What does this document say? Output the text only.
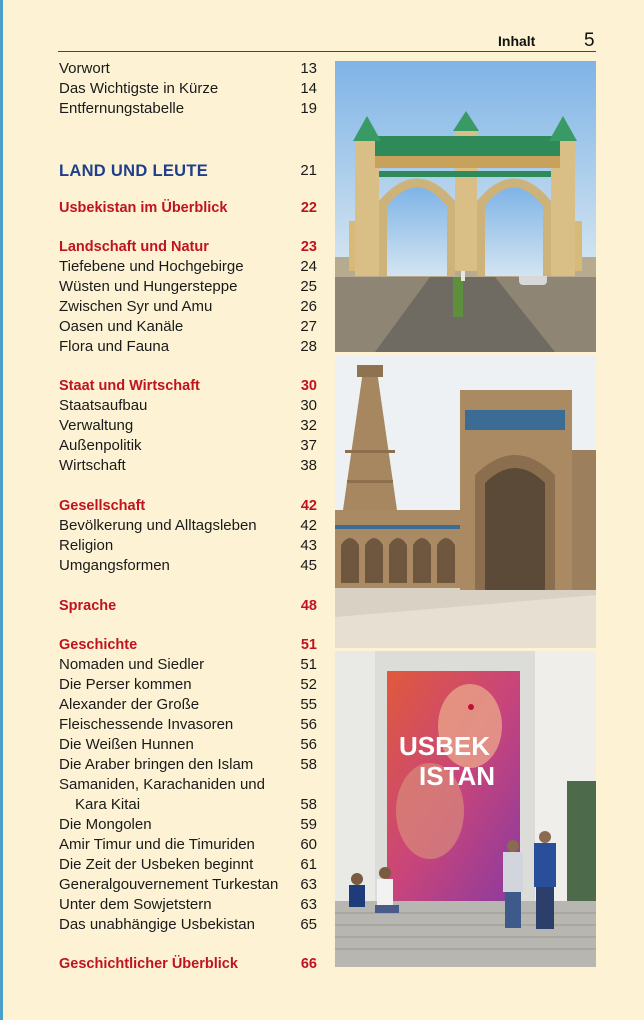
Inhalt	5
Vorwort	13
Das Wichtigste in Kürze	14
Entfernungstabelle	19
LAND UND LEUTE	21
Usbekistan im Überblick	22
Landschaft und Natur	23
Tiefebene und Hochgebirge	24
Wüsten und Hungersteppe	25
Zwischen Syr und Amu	26
Oasen und Kanäle	27
Flora und Fauna	28
Staat und Wirtschaft	30
Staatsaufbau	30
Verwaltung	32
Außenpolitik	37
Wirtschaft	38
Gesellschaft	42
Bevölkerung und Alltagsleben	42
Religion	43
Umgangsformen	45
Sprache	48
Geschichte	51
Nomaden und Siedler	51
Die Perser kommen	52
Alexander der Große	55
Fleischessende Invasoren	56
Die Weißen Hunnen	56
Die Araber bringen den Islam	58
Samaniden, Karachaniden und
Kara Kitai	58
Die Mongolen	59
Amir Timur und die Timuriden	60
Die Zeit der Usbeken beginnt	61
Generalgouvernement Turkestan 63
Unter dem Sowjetstern	63
Das unabhängige Usbekistan	65
Geschichtlicher Überblick	66
USBEK
ISTAN
